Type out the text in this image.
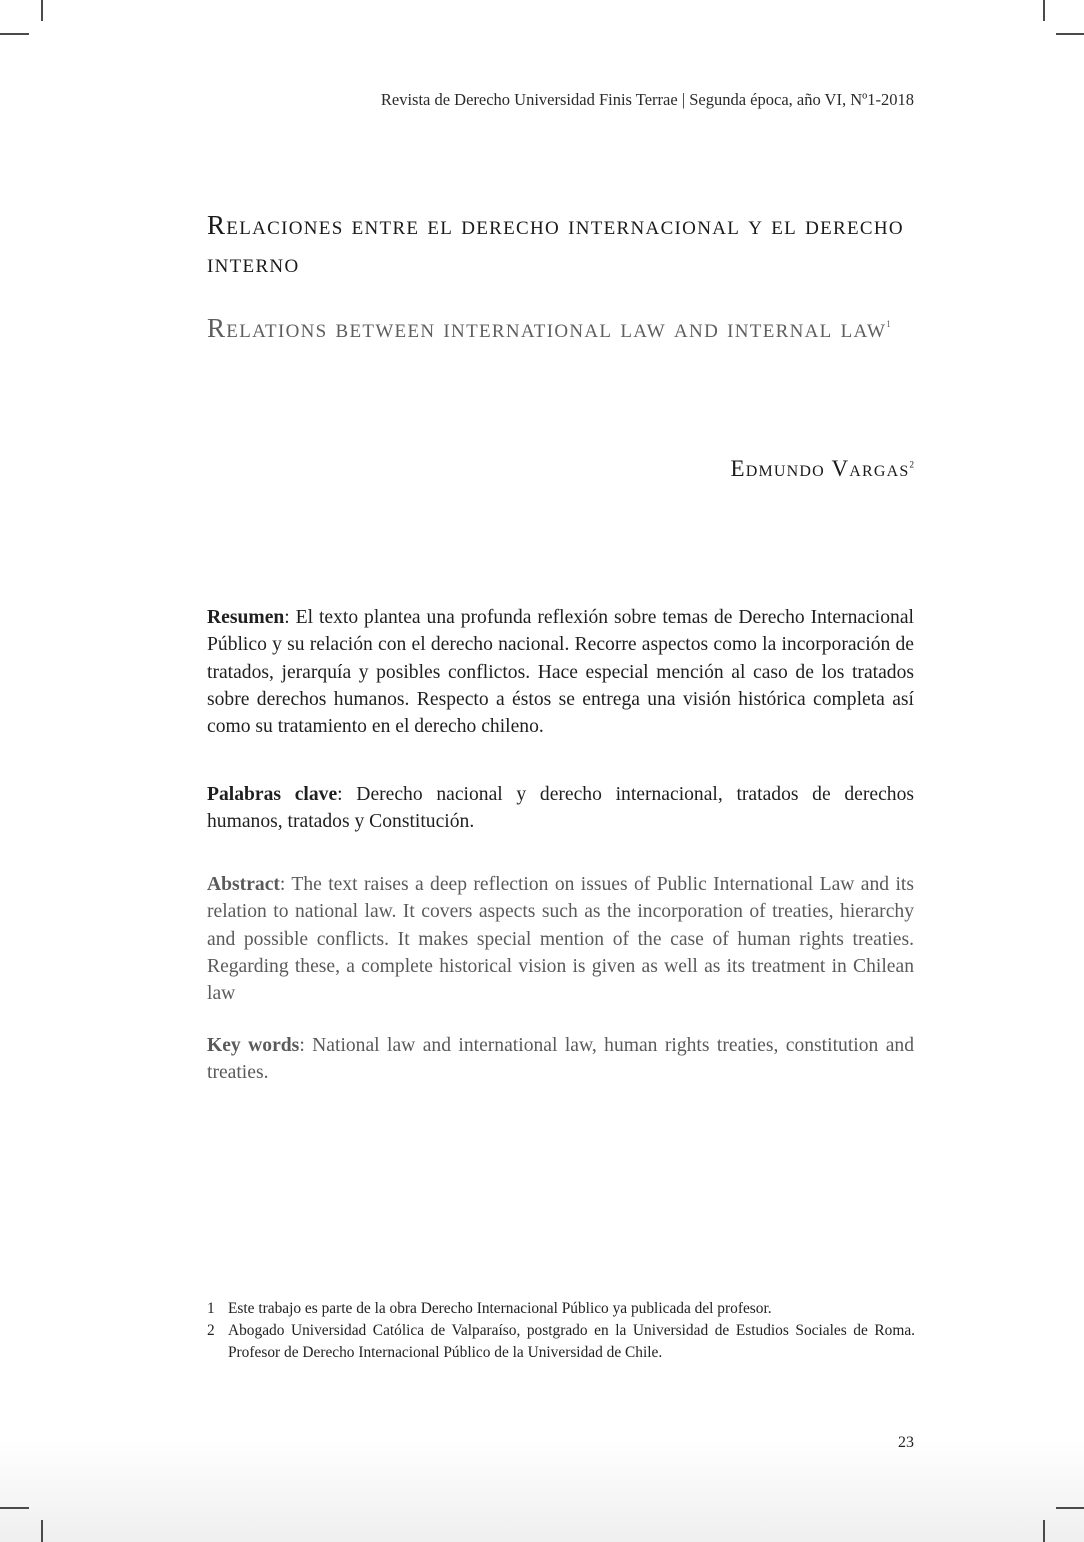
Revista de Derecho Universidad Finis Terrae | Segunda época, año VI, Nº1-2018
Relaciones entre el derecho internacional y el derecho interno
Relations between international law and internal law$^1$
Edmundo Vargas$^2$
Resumen: El texto plantea una profunda reflexión sobre temas de Derecho Internacional Público y su relación con el derecho nacional. Recorre aspectos como la incorporación de tratados, jerarquía y posibles conflictos. Hace especial mención al caso de los tratados sobre derechos humanos. Respecto a éstos se entrega una visión histórica completa así como su tratamiento en el derecho chileno.
Palabras clave: Derecho nacional y derecho internacional, tratados de derechos humanos, tratados y Constitución.
Abstract: The text raises a deep reflection on issues of Public International Law and its relation to national law. It covers aspects such as the incorporation of treaties, hierarchy and possible conflicts. It makes special mention of the case of human rights treaties. Regarding these, a complete historical vision is given as well as its treatment in Chilean law
Key words: National law and international law, human rights treaties, constitution and treaties.
1 Este trabajo es parte de la obra Derecho Internacional Público ya publicada del profesor.
2 Abogado Universidad Católica de Valparaíso, postgrado en la Universidad de Estudios Sociales de Roma. Profesor de Derecho Internacional Público de la Universidad de Chile.
23
